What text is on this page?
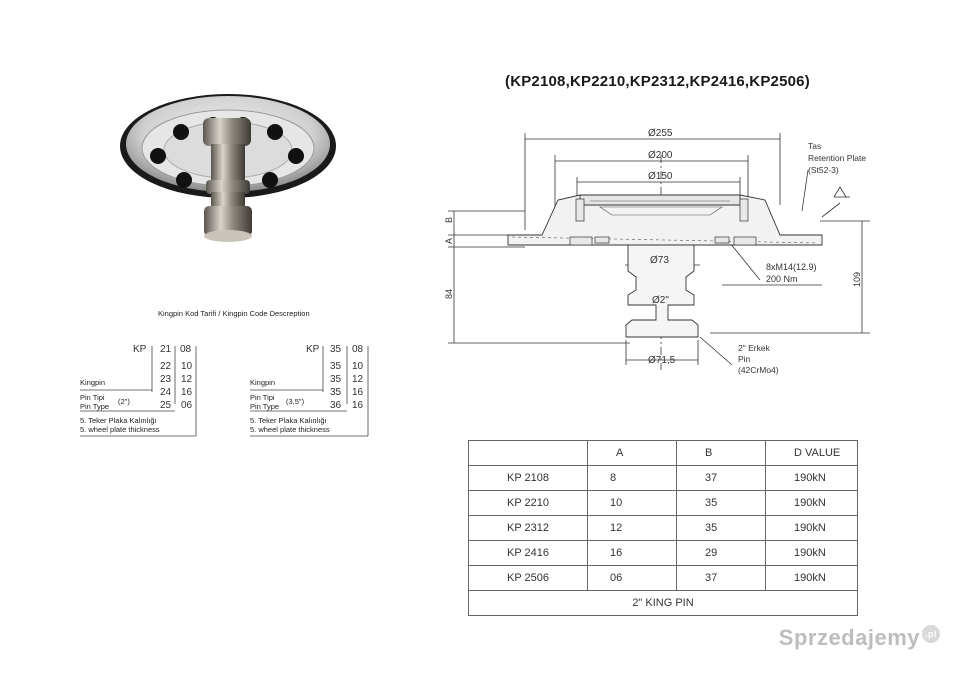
(KP2108,KP2210,KP2312,KP2416,KP2506)
Kingpin Kod Tarifi / Kingpin Code Descreption
KP 21 08
22 10
23 12
24 16
25 06
Kingpin
Pin Tipi
Pin Type
(2")
5. Teker Plaka Kalınlığı
5. wheel plate thickness
KP 35 08
35 10
35 12
35 16
36 16
Kingpin
Pin Tipi
Pin Type
(3,5")
5. Teker Plaka Kalınlığı
5. wheel plate thickness
Ø255
Ø200
Ø150
Ø73
Ø2"
Ø71,5
B
A
84
109
Tas
Retention Plate
(St52-3)
8xM14(12.9)
200 Nm
2" Erkek
Pin
(42CrMo4)
	A	B	D VALUE
KP 2108	8	37	190kN
KP 2210	10	35	190kN
KP 2312	12	35	190kN
KP 2416	16	29	190kN
KP 2506	06	37	190kN
2" KING PIN			
Sprzedajemy .pl
